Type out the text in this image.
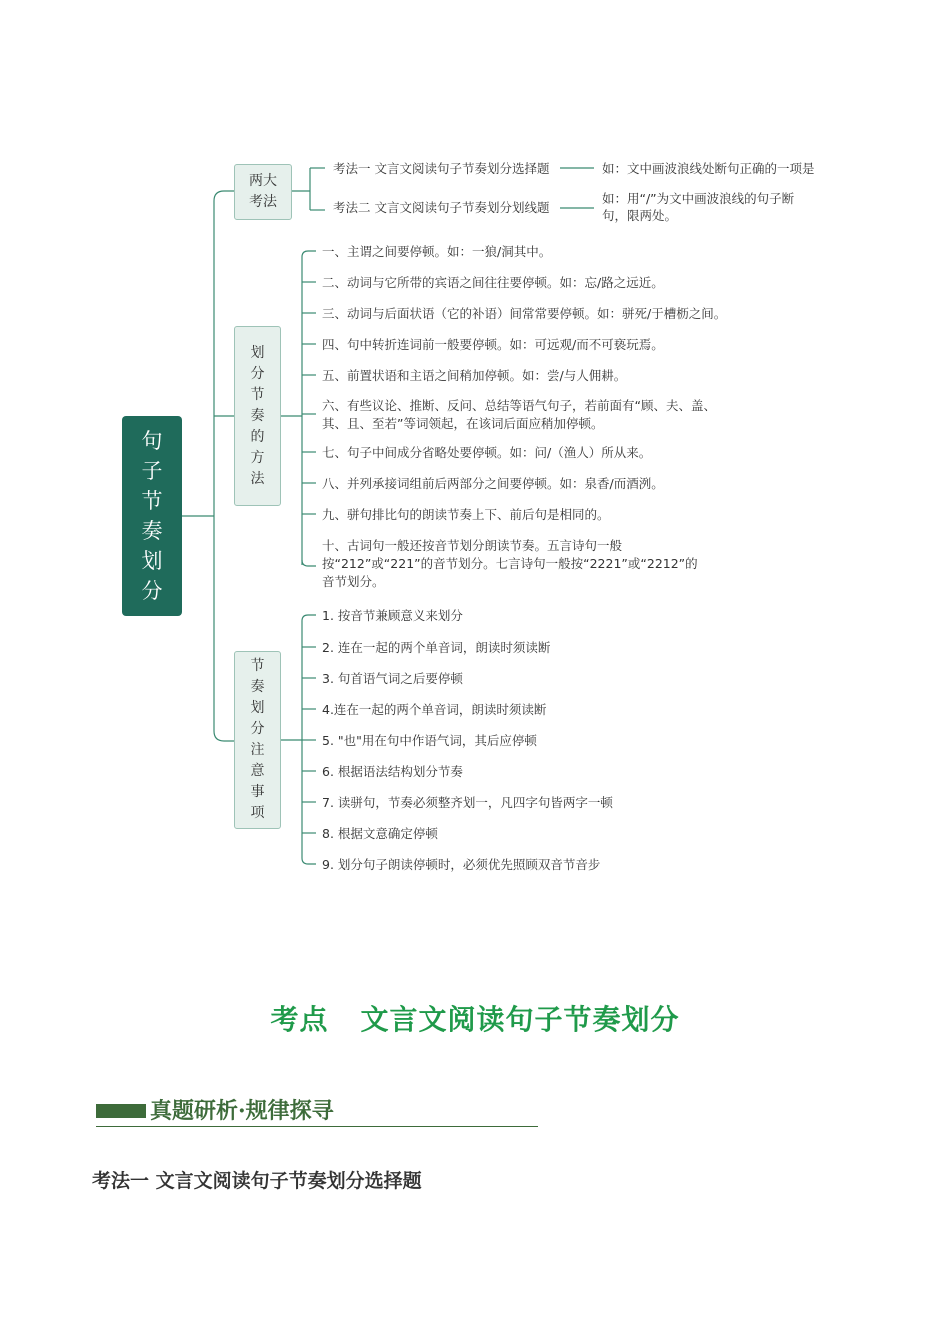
句
子
节
奏
划
分
两大
考法
考法一 文言文阅读句子节奏划分选择题
考法二 文言文阅读句子节奏划分划线题
如：文中画波浪线处断句正确的一项是
如：用“/”为文中画波浪线的句子断句，限两处。
划
分
节
奏
的
方
法
一、主谓之间要停顿。如：一狼/洞其中。
二、动词与它所带的宾语之间往往要停顿。如：忘/路之远近。
三、动词与后面状语（它的补语）间常常要停顿。如：骈死/于槽枥之间。
四、句中转折连词前一般要停顿。如：可远观/而不可亵玩焉。
五、前置状语和主语之间稍加停顿。如：尝/与人佣耕。
六、有些议论、推断、反问、总结等语气句子，若前面有“顾、夫、盖、
其、且、至若”等词领起，在该词后面应稍加停顿。
七、句子中间成分省略处要停顿。如：问/（渔人）所从来。
八、并列承接词组前后两部分之间要停顿。如：泉香/而酒洌。
九、骈句排比句的朗读节奏上下、前后句是相同的。
十、古词句一般还按音节划分朗读节奏。五言诗句一般
按“212”或“221”的音节划分。七言诗句一般按“2221”或“2212”的
音节划分。
节
奏
划
分
注
意
事
项
1. 按音节兼顾意义来划分
2. 连在一起的两个单音词，朗读时须读断
3. 句首语气词之后要停顿
4.连在一起的两个单音词，朗读时须读断
5. "也"用在句中作语气词，其后应停顿
6. 根据语法结构划分节奏
7. 读骈句，节奏必须整齐划一，凡四字句皆两字一顿
8. 根据文意确定停顿
9. 划分句子朗读停顿时，必须优先照顾双音节音步
考点 文言文阅读句子节奏划分
真题研析·规律探寻
考法一 文言文阅读句子节奏划分选择题
